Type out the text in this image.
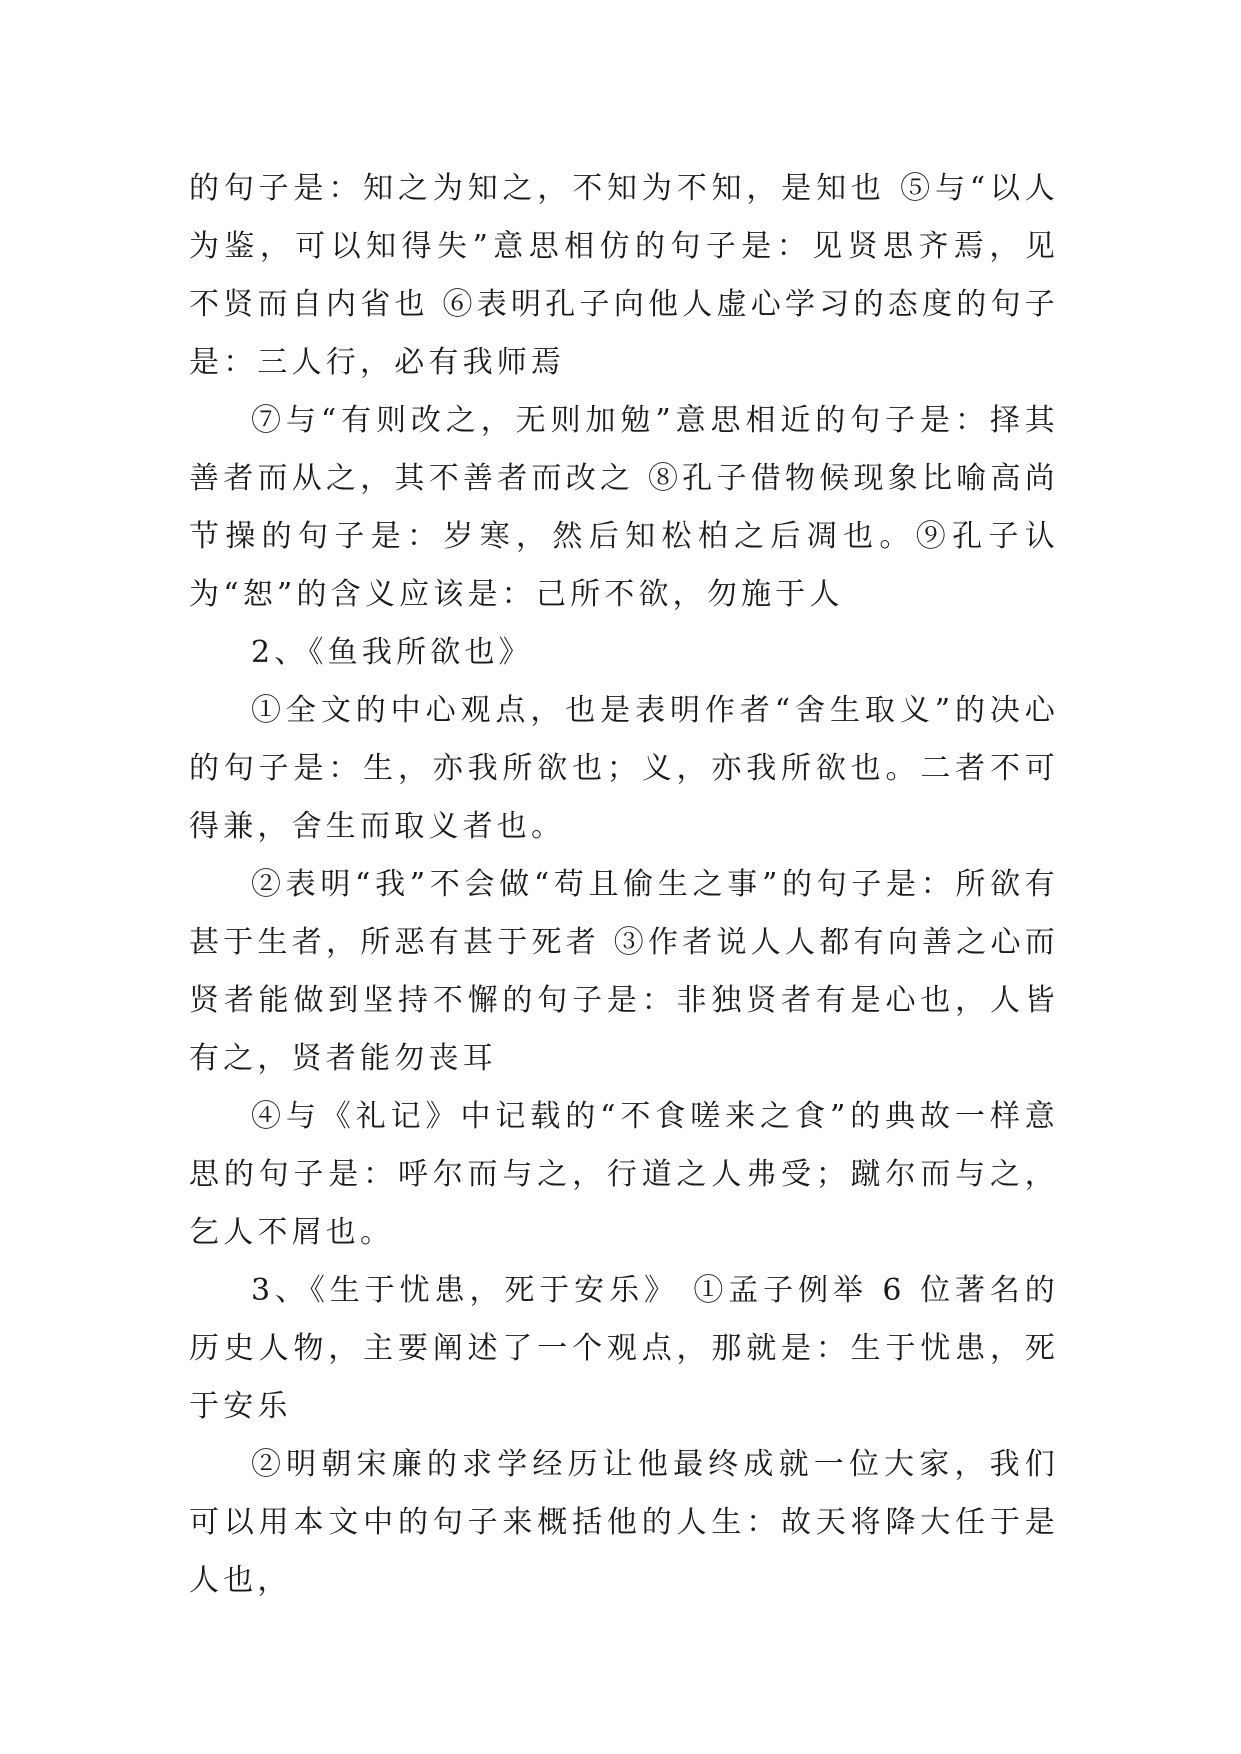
的句子是：知之为知之，不知为不知，是知也 ⑤与“以人为鉴，可以知得失”意思相仿的句子是：见贤思齐焉，见不贤而自内省也 ⑥表明孔子向他人虚心学习的态度的句子是：三人行，必有我师焉

⑦与“有则改之，无则加勉”意思相近的句子是：择其善者而从之，其不善者而改之 ⑧孔子借物候现象比喻高尚节操的句子是：岁寒，然后知松柏之后凋也。⑨孔子认为“恕”的含义应该是：己所不欲，勿施于人

2、《鱼我所欲也》

①全文的中心观点，也是表明作者“舍生取义”的决心的句子是：生，亦我所欲也；义，亦我所欲也。二者不可得兼，舍生而取义者也。

②表明“我”不会做“苟且偷生之事”的句子是：所欲有甚于生者，所恶有甚于死者 ③作者说人人都有向善之心而贤者能做到坚持不懈的句子是：非独贤者有是心也，人皆有之，贤者能勿丧耳

④与《礼记》中记载的“不食嗟来之食”的典故一样意思的句子是：呼尔而与之，行道之人弗受；蹴尔而与之，乞人不屑也。

3、《生于忧患，死于安乐》 ①孟子例举 6 位著名的历史人物，主要阐述了一个观点，那就是：生于忧患，死于安乐

②明朝宋廉的求学经历让他最终成就一位大家，我们可以用本文中的句子来概括他的人生：故天将降大任于是人也，
